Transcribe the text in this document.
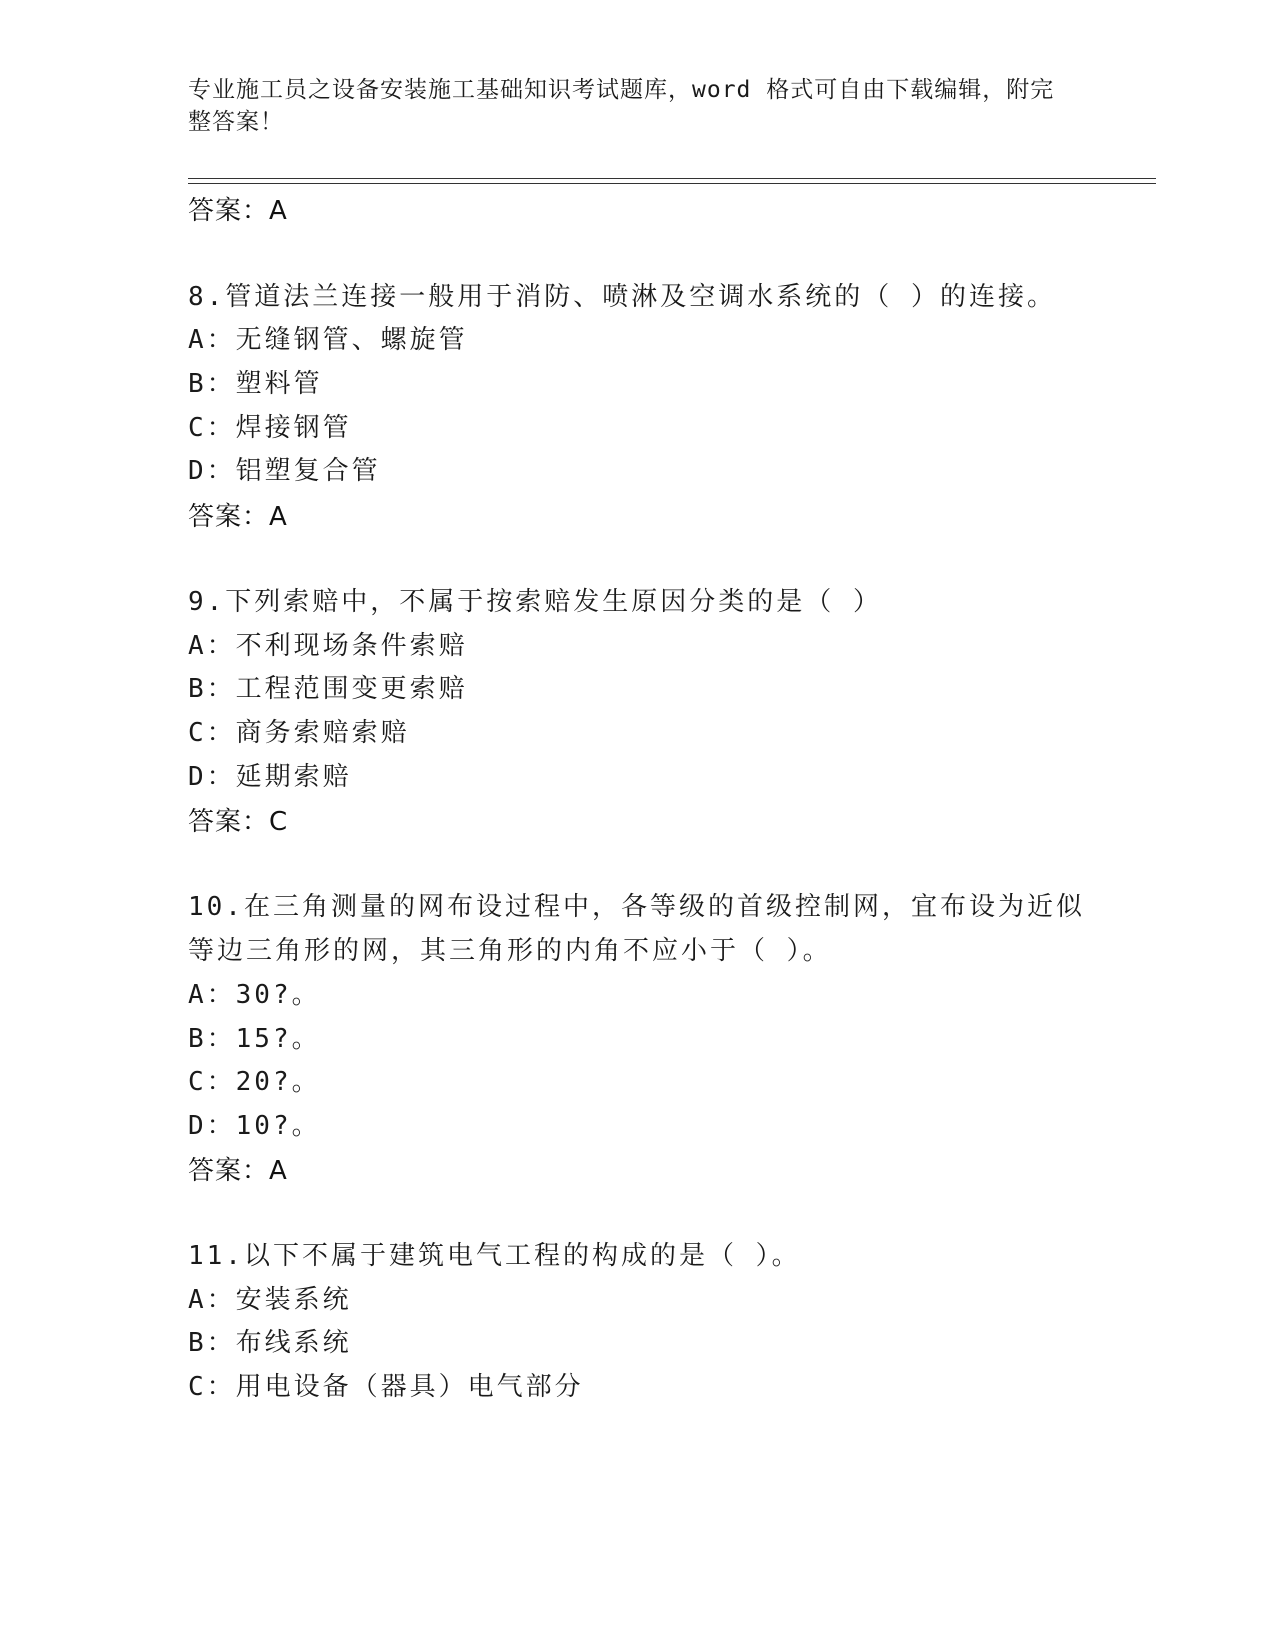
专业施工员之设备安装施工基础知识考试题库，word 格式可自由下载编辑，附完
整答案！
答案：A
8.管道法兰连接一般用于消防、喷淋及空调水系统的（ ）的连接。
A：无缝钢管、螺旋管
B：塑料管
C：焊接钢管
D：铝塑复合管
答案：A
9.下列索赔中，不属于按索赔发生原因分类的是（ ）
A：不利现场条件索赔
B：工程范围变更索赔
C：商务索赔索赔
D：延期索赔
答案：C
10.在三角测量的网布设过程中，各等级的首级控制网，宜布设为近似
等边三角形的网，其三角形的内角不应小于（ ）。
A：30?。
B：15?。
C：20?。
D：10?。
答案：A
11.以下不属于建筑电气工程的构成的是（ ）。
A：安装系统
B：布线系统
C：用电设备（器具）电气部分
